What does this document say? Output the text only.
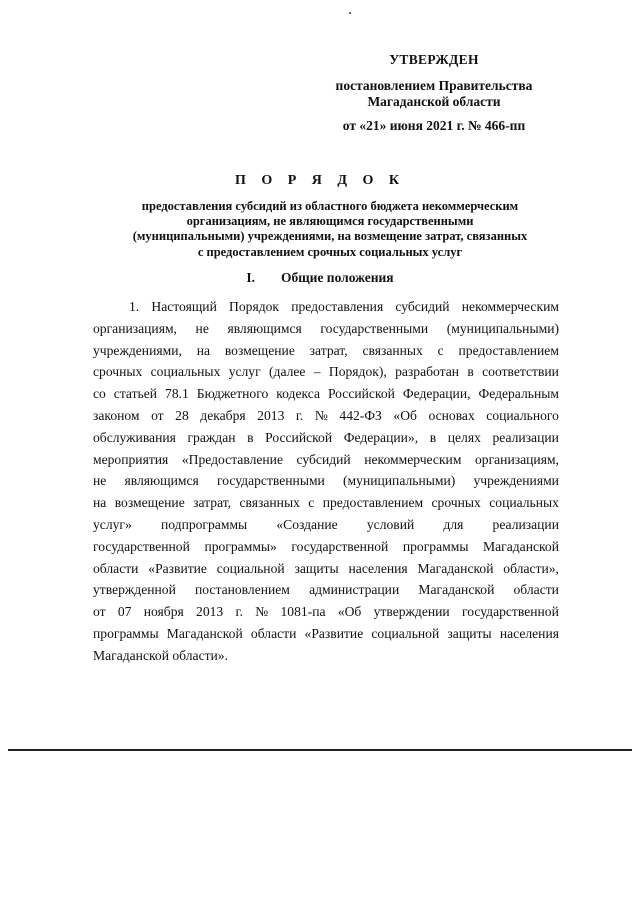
УТВЕРЖДЕН
постановлением Правительства
Магаданской области
от «21» июня 2021 г. № 466-пп
П О Р Я Д О К
предоставления субсидий из областного бюджета некоммерческим
организациям, не являющимся государственными
(муниципальными) учреждениями, на возмещение затрат, связанных
с предоставлением срочных социальных услуг
I. Общие положения
1. Настоящий Порядок предоставления субсидий некоммерческим
организациям, не являющимся государственными (муниципальными)
учреждениями, на возмещение затрат, связанных с предоставлением
срочных социальных услуг (далее – Порядок), разработан в соответствии
со статьей 78.1 Бюджетного кодекса Российской Федерации, Федеральным
законом от 28 декабря 2013 г. № 442-ФЗ «Об основах социального
обслуживания граждан в Российской Федерации», в целях реализации
мероприятия «Предоставление субсидий некоммерческим организациям,
не являющимся государственными (муниципальными) учреждениями
на возмещение затрат, связанных с предоставлением срочных социальных
услуг» подпрограммы «Создание условий для реализации
государственной программы» государственной программы Магаданской
области «Развитие социальной защиты населения Магаданской области»,
утвержденной постановлением администрации Магаданской области
от 07 ноября 2013 г. № 1081-па «Об утверждении государственной
программы Магаданской области «Развитие социальной защиты населения
Магаданской области».
